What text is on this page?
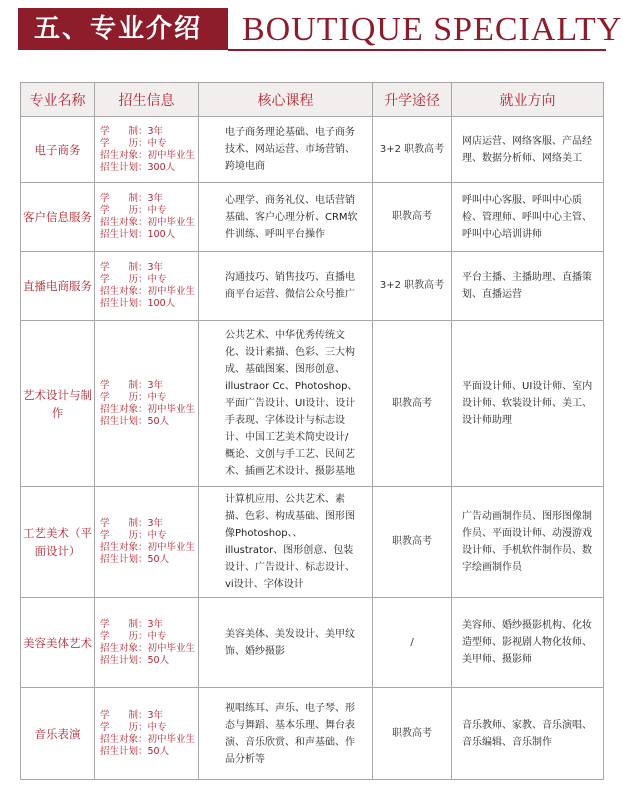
五、专业介绍	BOUTIQUE SPECIALTY
专业名称	招生信息	核心课程	升学途径	就业方向
电子商务	学　　制：3年
学　　历：中专
招生对象：初中毕业生
招生计划：300人	电子商务理论基础、电子商务技术、网站运营、市场营销、跨境电商	3+2 职教高考	网店运营、网络客服、产品经理、数据分析师、网络美工
客户信息服务	学　　制：3年
学　　历：中专
招生对象：初中毕业生
招生计划：100人	心理学、商务礼仪、电话营销基础、客户心理分析、CRM软件训练、呼叫平台操作	职教高考	呼叫中心客服、呼叫中心质检、管理师、呼叫中心主管、呼叫中心培训讲师
直播电商服务	学　　制：3年
学　　历：中专
招生对象：初中毕业生
招生计划：100人	沟通技巧、销售技巧、直播电商平台运营、微信公众号推广	3+2 职教高考	平台主播、主播助理、直播策划、直播运营
艺术设计与制作	学　　制：3年
学　　历：中专
招生对象：初中毕业生
招生计划：50人	公共艺术、中华优秀传统文化、设计素描、色彩、三大构成、基础图案、图形创意、illustraor Cc、Photoshop、平面广告设计、UI设计、设计手表现、字体设计与标志设计、中国工艺美术简史设计/概论、文创与手工艺、民间艺术、插画艺术设计、摄影基地	职教高考	平面设计师、UI设计师、室内设计师、软装设计师、美工、设计师助理
工艺美术（平面设计）	学　　制：3年
学　　历：中专
招生对象：初中毕业生
招生计划：50人	计算机应用、公共艺术、素描、色彩、构成基础、图形图像Photoshop、、illustrator、图形创意、包装设计、广告设计、标志设计、vi设计、字体设计	职教高考	广告动画制作员、图形图像制作员、平面设计师、动漫游戏设计师、手机软件制作员、数字绘画制作员
美容美体艺术	学　　制：3年
学　　历：中专
招生对象：初中毕业生
招生计划：50人	美容美体、美发设计、美甲纹饰、婚纱摄影	/	美容师、婚纱摄影机构、化妆造型师、影视剧人物化妆师、美甲师、摄影师
音乐表演	学　　制：3年
学　　历：中专
招生对象：初中毕业生
招生计划：50人	视唱练耳、声乐、电子琴、形态与舞蹈、基本乐理、舞台表演、音乐欣赏、和声基础、作品分析等	职教高考	音乐教师、家教、音乐演唱、音乐编辑、音乐制作
